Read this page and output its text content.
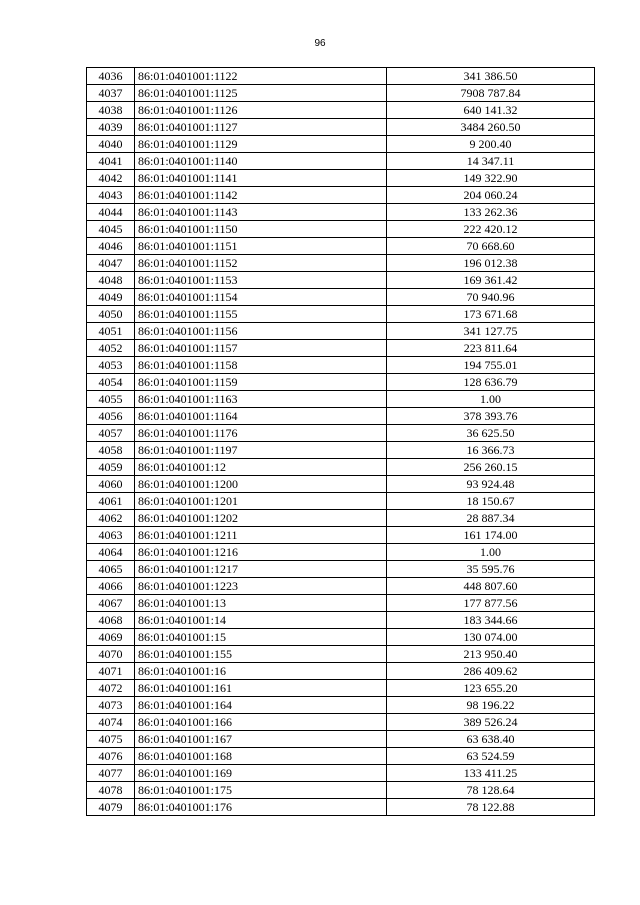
96
4036	86:01:0401001:1122	341 386.50
4037	86:01:0401001:1125	7908 787.84
4038	86:01:0401001:1126	640 141.32
4039	86:01:0401001:1127	3484 260.50
4040	86:01:0401001:1129	9 200.40
4041	86:01:0401001:1140	14 347.11
4042	86:01:0401001:1141	149 322.90
4043	86:01:0401001:1142	204 060.24
4044	86:01:0401001:1143	133 262.36
4045	86:01:0401001:1150	222 420.12
4046	86:01:0401001:1151	70 668.60
4047	86:01:0401001:1152	196 012.38
4048	86:01:0401001:1153	169 361.42
4049	86:01:0401001:1154	70 940.96
4050	86:01:0401001:1155	173 671.68
4051	86:01:0401001:1156	341 127.75
4052	86:01:0401001:1157	223 811.64
4053	86:01:0401001:1158	194 755.01
4054	86:01:0401001:1159	128 636.79
4055	86:01:0401001:1163	1.00
4056	86:01:0401001:1164	378 393.76
4057	86:01:0401001:1176	36 625.50
4058	86:01:0401001:1197	16 366.73
4059	86:01:0401001:12	256 260.15
4060	86:01:0401001:1200	93 924.48
4061	86:01:0401001:1201	18 150.67
4062	86:01:0401001:1202	28 887.34
4063	86:01:0401001:1211	161 174.00
4064	86:01:0401001:1216	1.00
4065	86:01:0401001:1217	35 595.76
4066	86:01:0401001:1223	448 807.60
4067	86:01:0401001:13	177 877.56
4068	86:01:0401001:14	183 344.66
4069	86:01:0401001:15	130 074.00
4070	86:01:0401001:155	213 950.40
4071	86:01:0401001:16	286 409.62
4072	86:01:0401001:161	123 655.20
4073	86:01:0401001:164	98 196.22
4074	86:01:0401001:166	389 526.24
4075	86:01:0401001:167	63 638.40
4076	86:01:0401001:168	63 524.59
4077	86:01:0401001:169	133 411.25
4078	86:01:0401001:175	78 128.64
4079	86:01:0401001:176	78 122.88
